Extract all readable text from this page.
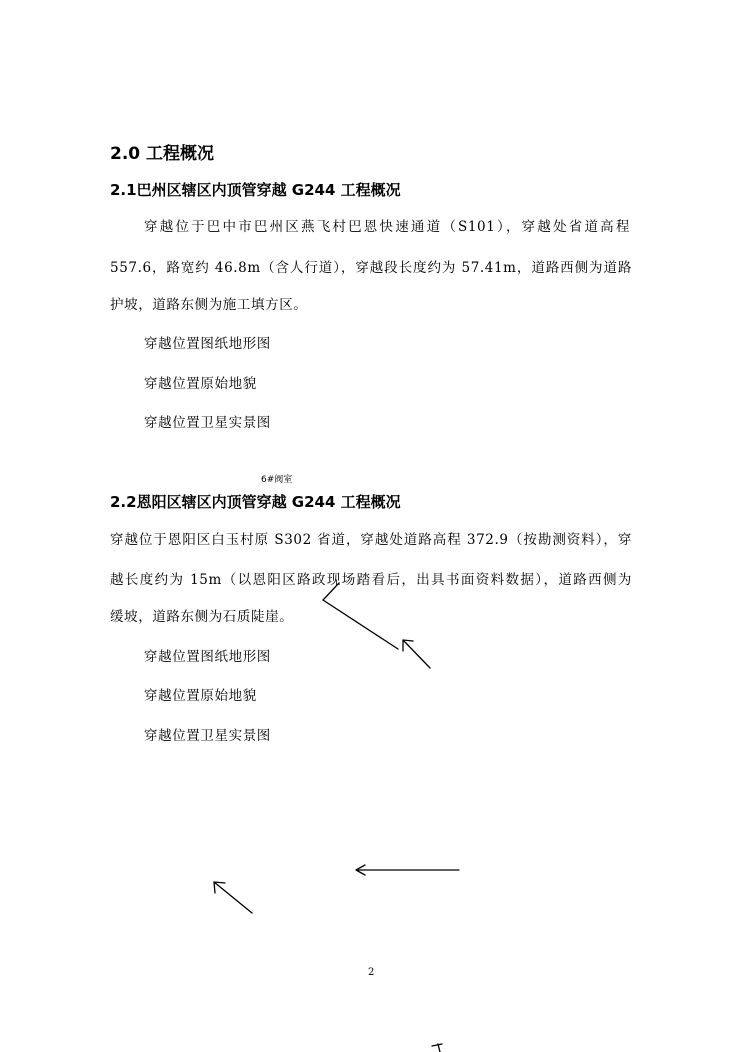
2.0 工程概况
2.1巴州区辖区内顶管穿越 G244 工程概况
穿越位于巴中市巴州区燕飞村巴恩快速通道（S101），穿越处省道高程
557.6，路宽约 46.8m（含人行道），穿越段长度约为 57.41m，道路西侧为道路
护坡，道路东侧为施工填方区。
穿越位置图纸地形图
穿越位置原始地貌
穿越位置卫星实景图
6#阀室
2.2恩阳区辖区内顶管穿越 G244 工程概况
穿越位于恩阳区白玉村原 S302 省道，穿越处道路高程 372.9（按勘测资料），穿
越长度约为 15m（以恩阳区路政现场踏看后，出具书面资料数据），道路西侧为
缓坡，道路东侧为石质陡崖。
穿越位置图纸地形图
穿越位置原始地貌
穿越位置卫星实景图
2
